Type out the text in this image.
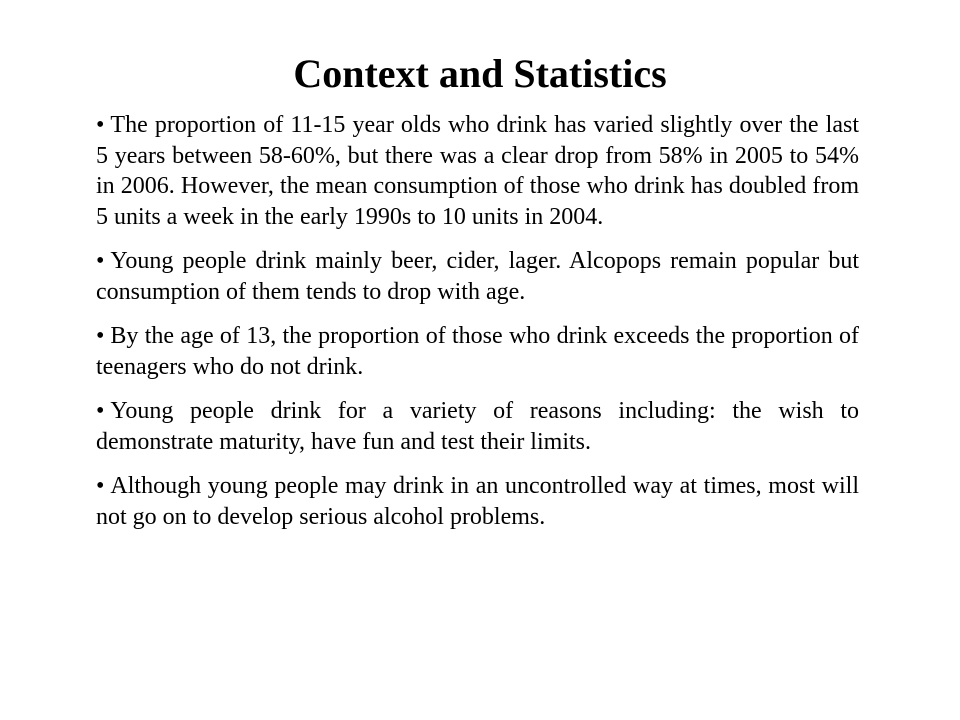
Context and Statistics
• The proportion of 11-15 year olds who drink has varied slightly over the last 5 years between 58-60%, but there was a clear drop from 58% in 2005 to 54% in 2006. However, the mean consumption of those who drink has doubled from 5 units a week in the early 1990s to 10 units in 2004.
• Young people drink mainly beer, cider, lager. Alcopops remain popular but consumption of them tends to drop with age.
• By the age of 13, the proportion of those who drink exceeds the proportion of teenagers who do not drink.
• Young people drink for a variety of reasons including: the wish to demonstrate maturity, have fun and test their limits.
• Although young people may drink in an uncontrolled way at times, most will not go on to develop serious alcohol problems.
